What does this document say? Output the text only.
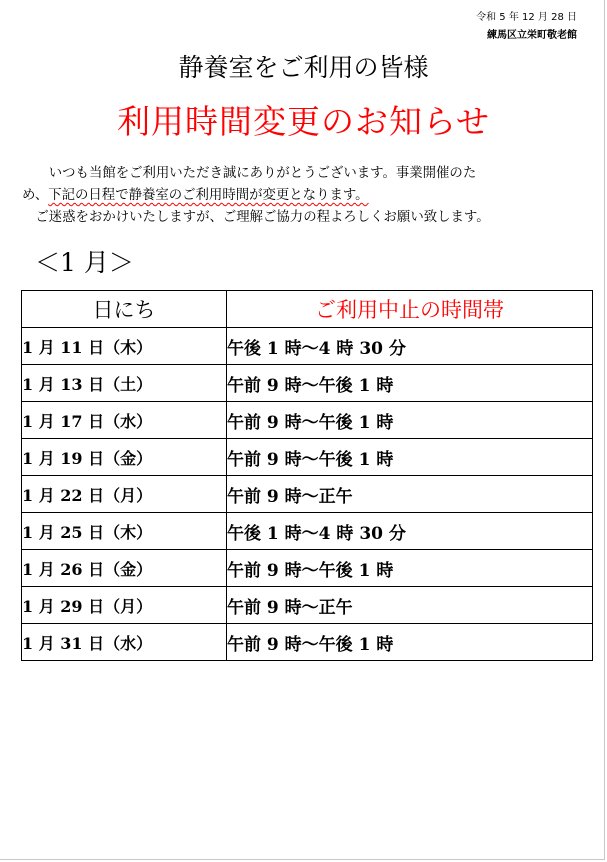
令和 5 年 12 月 28 日
練馬区立栄町敬老館
静養室をご利用の皆様
利用時間変更のお知らせ

　　いつも当館をご利用いただき誠にありがとうございます。事業開催のた

め、下記の日程で静養室のご利用時間が変更となります。

　ご迷惑をおかけいたしますが、ご理解ご協力の程よろしくお願い致します。

＜1 月＞
日にち	ご利用中止の時間帯
1 月 11 日（木）	午後 1 時～4 時 30 分
1 月 13 日（土）	午前 9 時～午後 1 時
1 月 17 日（水）	午前 9 時～午後 1 時
1 月 19 日（金）	午前 9 時～午後 1 時
1 月 22 日（月）	午前 9 時～正午
1 月 25 日（木）	午後 1 時～4 時 30 分
1 月 26 日（金）	午前 9 時～午後 1 時
1 月 29 日（月）	午前 9 時～正午
1 月 31 日（水）	午前 9 時～午後 1 時
